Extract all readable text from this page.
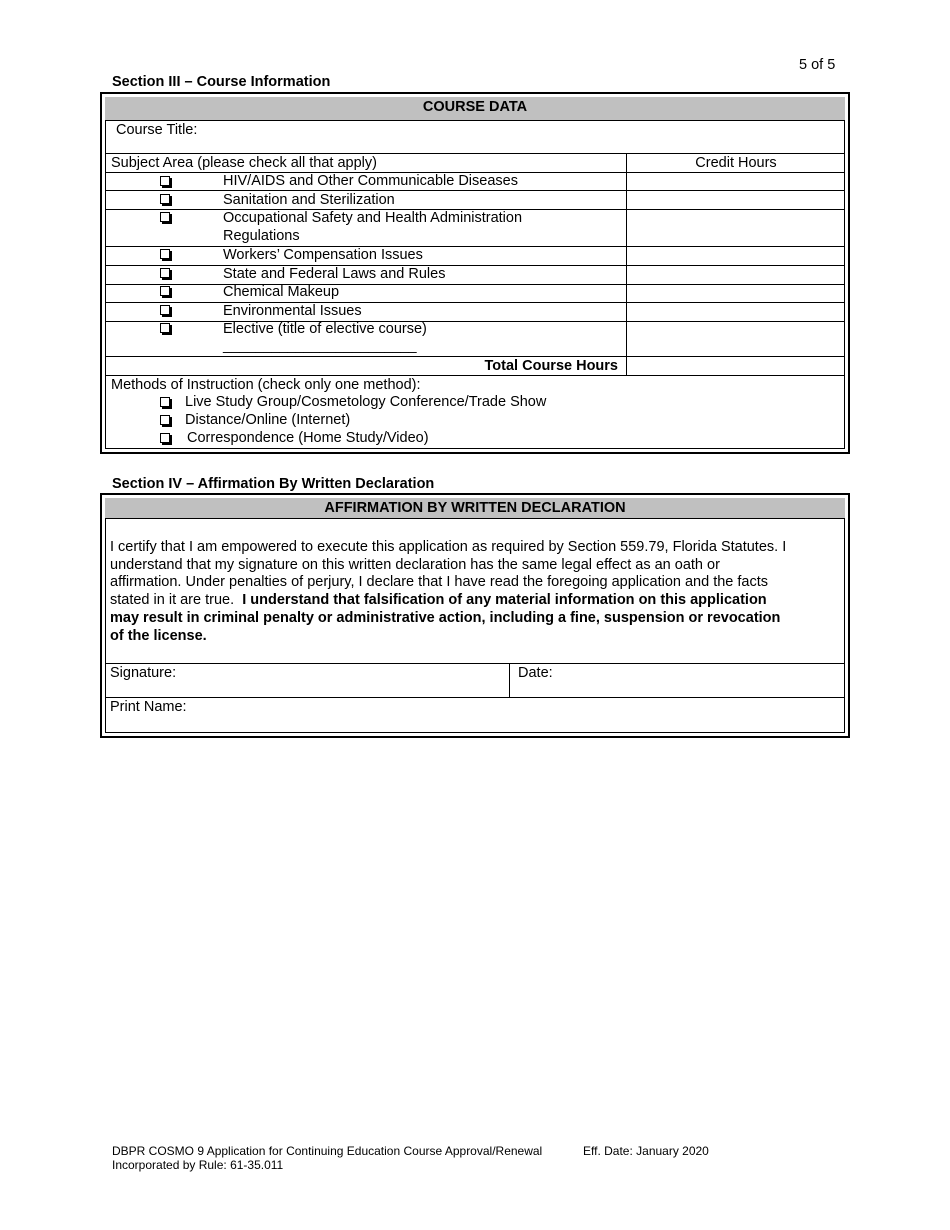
5 of 5
Section III – Course Information
COURSE DATA
Course Title:
Subject Area (please check all that apply)	Credit Hours
HIV/AIDS and Other Communicable Diseases
Sanitation and Sterilization
Occupational Safety and Health Administration
Regulations
Workers’ Compensation Issues
State and Federal Laws and Rules
Chemical Makeup
Environmental Issues
Elective (title of elective course)
________________________
Total Course Hours
Methods of Instruction (check only one method):
Live Study Group/Cosmetology Conference/Trade Show
Distance/Online (Internet)
Correspondence (Home Study/Video)
Section IV – Affirmation By Written Declaration
AFFIRMATION BY WRITTEN DECLARATION
I certify that I am empowered to execute this application as required by Section 559.79, Florida Statutes. I
understand that my signature on this written declaration has the same legal effect as an oath or
affirmation. Under penalties of perjury, I declare that I have read the foregoing application and the facts
stated in it are true.  I understand that falsification of any material information on this application
may result in criminal penalty or administrative action, including a fine, suspension or revocation
of the license.
Signature:	Date:
Print Name:
DBPR COSMO 9 Application for Continuing Education Course Approval/Renewal	Eff. Date: January 2020
Incorporated by Rule: 61-35.011
